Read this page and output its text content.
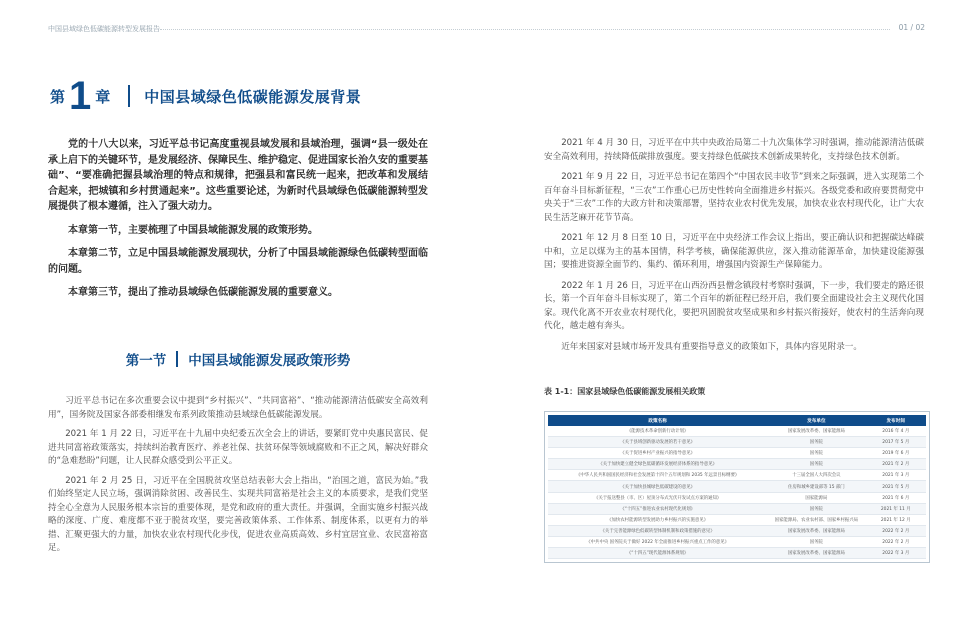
中国县域绿色低碳能源转型发展报告	01 / 02
第 1 章 中国县域绿色低碳能源发展背景

党的十八大以来，习近平总书记高度重视县域发展和县域治理，强调“县一级处在承上启下的关键环节，是发展经济、保障民生、维护稳定、促进国家长治久安的重要基础”、“要准确把握县域治理的特点和规律，把强县和富民统一起来，把改革和发展结合起来，把城镇和乡村贯通起来”。这些重要论述，为新时代县域绿色低碳能源转型发展提供了根本遵循，注入了强大动力。

本章第一节，主要梳理了中国县域能源发展的政策形势。

本章第二节，立足中国县域能源发展现状，分析了中国县域能源绿色低碳转型面临的问题。

本章第三节，提出了推动县域绿色低碳能源发展的重要意义。

第一节 中国县域能源发展政策形势

习近平总书记在多次重要会议中提到“乡村振兴”、“共同富裕”、“推动能源清洁低碳安全高效利用”，国务院及国家各部委相继发布系列政策推动县域绿色低碳能源发展。

2021 年 1 月 22 日，习近平在十九届中央纪委五次全会上的讲话，要紧盯党中央惠民富民、促进共同富裕政策落实，持续纠治教育医疗、养老社保、扶贫环保等领域腐败和不正之风，解决好群众的“急难愁盼”问题，让人民群众感受到公平正义。

2021 年 2 月 25 日，习近平在全国脱贫攻坚总结表彰大会上指出，“治国之道，富民为始。”我们始终坚定人民立场，强调消除贫困、改善民生、实现共同富裕是社会主义的本质要求，是我们党坚持全心全意为人民服务根本宗旨的重要体现，是党和政府的重大责任。并强调，全面实施乡村振兴战略的深度、广度、难度都不亚于脱贫攻坚，要完善政策体系、工作体系、制度体系，以更有力的举措、汇聚更强大的力量，加快农业农村现代化步伐，促进农业高质高效、乡村宜居宜业、农民富裕富足。

2021 年 4 月 30 日，习近平在中共中央政治局第二十九次集体学习时强调，推动能源清洁低碳安全高效利用，持续降低碳排放强度。要支持绿色低碳技术创新成果转化，支持绿色技术创新。

2021 年 9 月 22 日，习近平总书记在第四个“中国农民丰收节”到来之际强调，进入实现第二个百年奋斗目标新征程，“三农”工作重心已历史性转向全面推进乡村振兴。各级党委和政府要贯彻党中央关于“三农”工作的大政方针和决策部署，坚持农业农村优先发展，加快农业农村现代化，让广大农民生活芝麻开花节节高。

2021 年 12 月 8 日至 10 日，习近平在中央经济工作会议上指出，要正确认识和把握碳达峰碳中和，立足以煤为主的基本国情，科学考核，确保能源供应，深入推动能源革命，加快建设能源强国；要推进资源全面节约、集约、循环利用，增强国内资源生产保障能力。

2022 年 1 月 26 日，习近平在山西汾西县僧念镇段村考察时强调，下一步，我们要走的路还很长，第一个百年奋斗目标实现了，第二个百年的新征程已经开启，我们要全面建设社会主义现代化国家。现代化离不开农业农村现代化，要把巩固脱贫攻坚成果和乡村振兴衔接好，使农村的生活奔向现代化，越走越有奔头。

近年来国家对县域市场开发具有重要指导意义的政策如下，具体内容见附录一。

表 1-1：国家县域绿色低碳能源发展相关政策
政策名称	发布单位	发布时间
《能源技术革命创新行动计划》	国家发展改革委、国家能源局	2016 年 4 月
《关于县域创新驱动发展的若干意见》	国务院	2017 年 5 月
《关于促进乡村产业振兴的指导意见》	国务院	2019 年 6 月
《关于加快建立健全绿色低碳循环发展经济体系的指导意见》	国务院	2021 年 2 月
《中华人民共和国国民经济和社会发展第十四个五年规划和 2035 年远景目标纲要》	十三届全国人大四次会议	2021 年 3 月
《关于加快县城绿色低碳建设的意见》	住房和城乡建设部等 15 部门	2021 年 5 月
《关于报送整县（市、区）屋顶分布式光伏开发试点方案的通知》	国家能源局	2021 年 6 月
《“十四五”推进农业农村现代化规划》	国务院	2021 年 11 月
《加快农村能源转型发展助力乡村振兴的实施意见》	国家能源局、农业农村部、国家乡村振兴局	2021 年 12 月
《关于完善能源绿色低碳转型体制机制和政策措施的意见》	国家发展改革委、国家能源局	2022 年 2 月
《中共中央 国务院关于做好 2022 年全面推进乡村振兴重点工作的意见》	国务院	2022 年 2 月
《“十四五”现代能源体系规划》	国家发展改革委、国家能源局	2022 年 3 月
